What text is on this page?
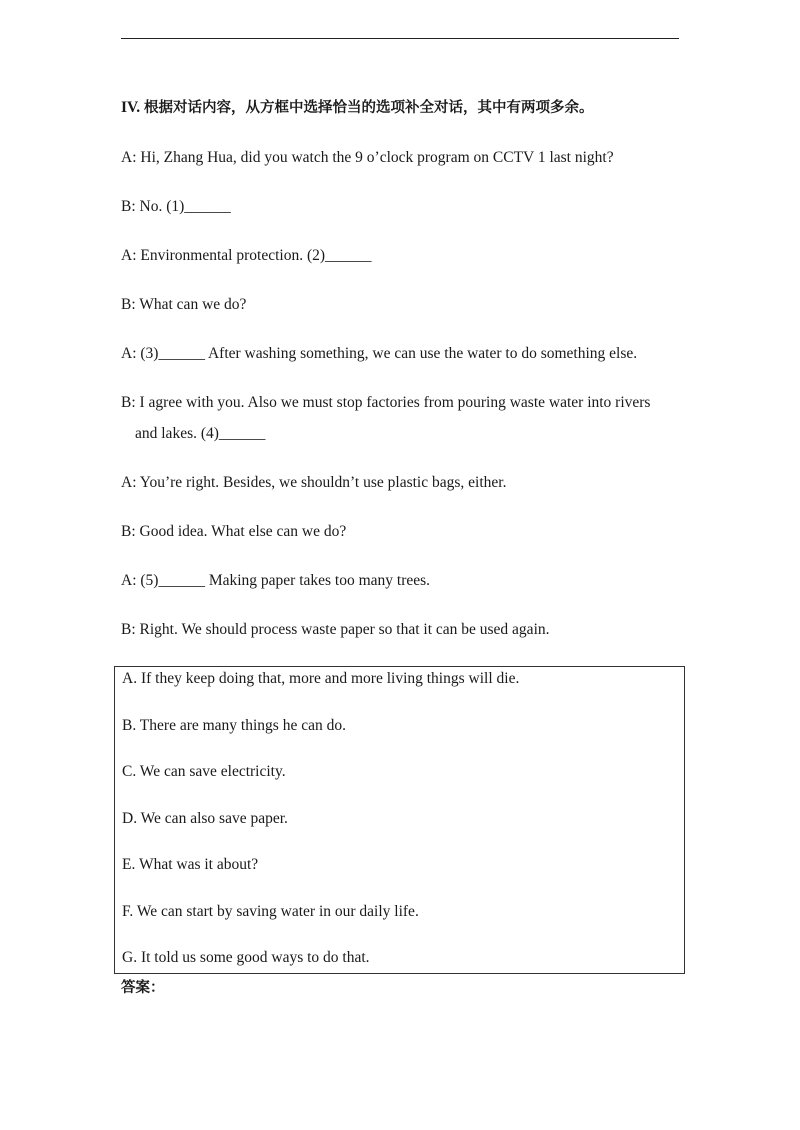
IV. 根据对话内容，从方框中选择恰当的选项补全对话，其中有两项多余。
A: Hi, Zhang Hua, did you watch the 9 o’clock program on CCTV 1 last night?
B: No. (1)______
A: Environmental protection. (2)______
B: What can we do?
A: (3)______ After washing something, we can use the water to do something else.
B: I agree with you. Also we must stop factories from pouring waste water into rivers
and lakes. (4)______
A: You’re right. Besides, we shouldn’t use plastic bags, either.
B: Good idea. What else can we do?
A: (5)______ Making paper takes too many trees.
B: Right. We should process waste paper so that it can be used again.
A. If they keep doing that, more and more living things will die.
B. There are many things he can do.
C. We can save electricity.
D. We can also save paper.
E. What was it about?
F. We can start by saving water in our daily life.
G. It told us some good ways to do that.
答案：
